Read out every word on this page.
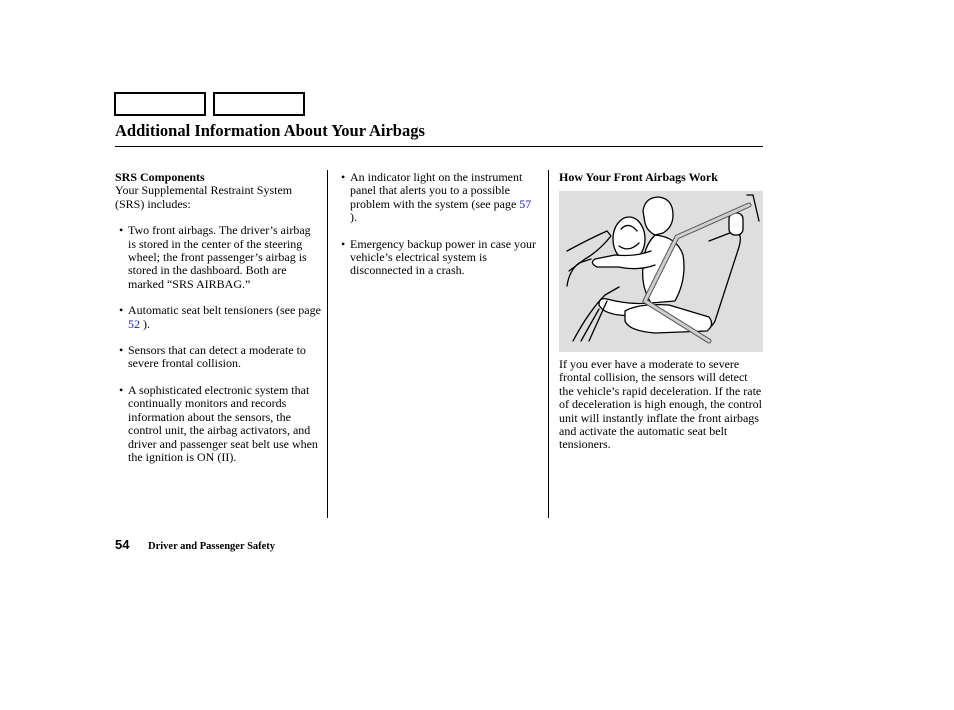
Additional Information About Your Airbags

SRS Components

Your Supplemental Restraint System (SRS) includes:

• Two front airbags. The driver’s airbag is stored in the center of the steering wheel; the front passenger’s airbag is stored in the dashboard. Both are marked “SRS AIRBAG.”
• Automatic seat belt tensioners (see page 52 ).
• Sensors that can detect a moderate to severe frontal collision.
• A sophisticated electronic system that continually monitors and records information about the sensors, the control unit, the airbag activators, and driver and passenger seat belt use when the ignition is ON (II).
• An indicator light on the instrument panel that alerts you to a possible problem with the system (see page 57 ).
• Emergency backup power in case your vehicle’s electrical system is disconnected in a crash.

How Your Front Airbags Work

If you ever have a moderate to severe frontal collision, the sensors will detect the vehicle’s rapid deceleration. If the rate of deceleration is high enough, the control unit will instantly inflate the front airbags and activate the automatic seat belt tensioners.

54 Driver and Passenger Safety
